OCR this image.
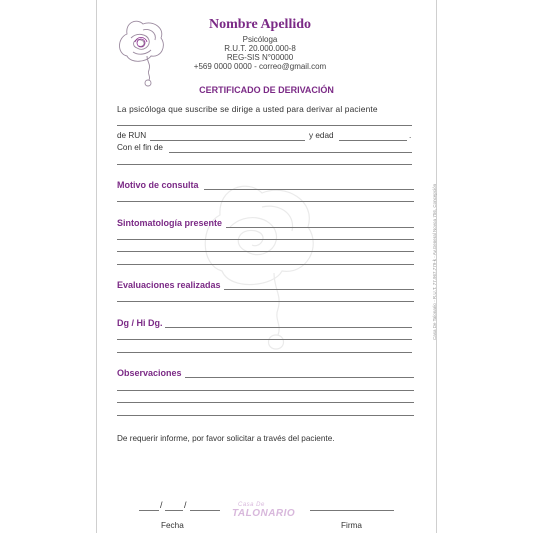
Nombre Apellido
Psicóloga
R.U.T. 20.000.000-8
REG-SIS N°00000
+569 0000 0000 - correo@gmail.com
CERTIFICADO DE DERIVACIÓN
La psicóloga que suscribe se dirige a usted para derivar al paciente
de RUN	y edad	.
Con el fin de
Motivo de consulta
Sintomatología presente
Evaluaciones realizadas
Dg / Hi Dg.
Observaciones
De requerir informe, por favor solicitar a través del paciente.
/ /
Fecha	Firma
Casa De
TALONARIO
Casa De Talonario - R.U.T. 77.967.779-k - Av.General Novoa 756, Concepción
